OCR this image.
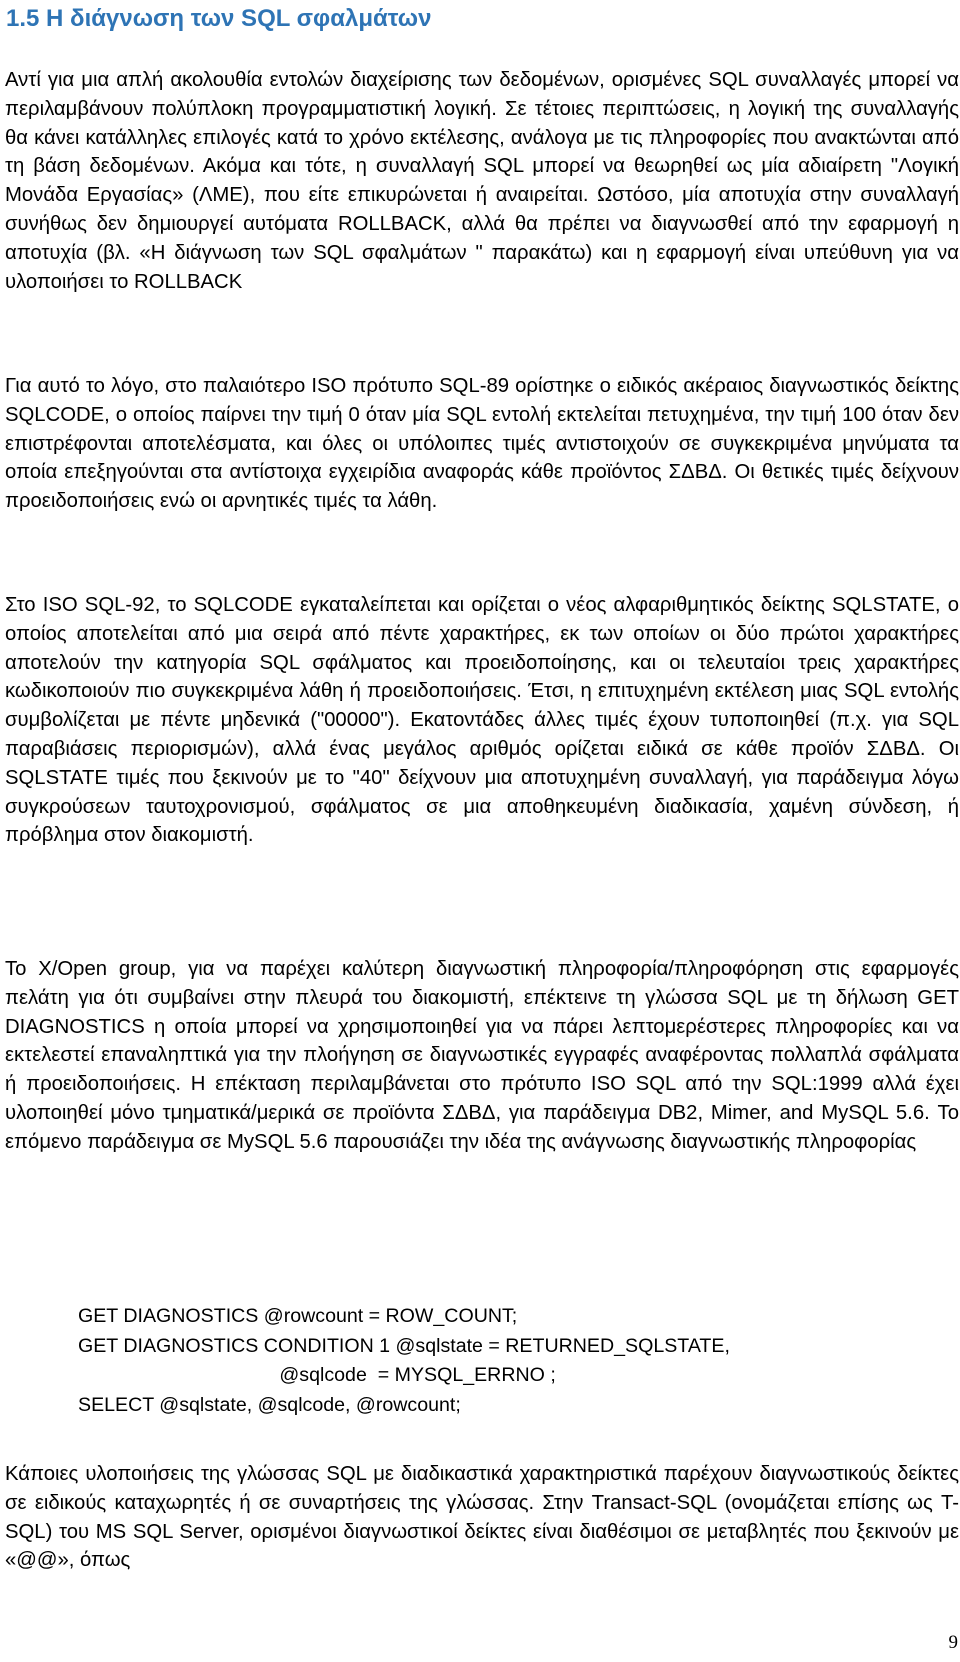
1.5 Η διάγνωση των SQL σφαλμάτων

Αντί για μια απλή ακολουθία εντολών διαχείρισης των δεδομένων, ορισμένες SQL συναλλαγές μπορεί να περιλαμβάνουν πολύπλοκη προγραμματιστική λογική. Σε τέτοιες περιπτώσεις, η λογική της συναλλαγής θα κάνει κατάλληλες επιλογές κατά το χρόνο εκτέλεσης, ανάλογα με τις πληροφορίες που ανακτώνται από τη βάση δεδομένων. Ακόμα και τότε, η συναλλαγή SQL μπορεί να θεωρηθεί ως μία αδιαίρετη "Λογική Μονάδα Εργασίας» (ΛΜΕ), που είτε επικυρώνεται ή αναιρείται. Ωστόσο, μία αποτυχία στην συναλλαγή συνήθως δεν δημιουργεί αυτόματα ROLLBACK, αλλά θα πρέπει να διαγνωσθεί από την εφαρμογή η αποτυχία (βλ. «Η διάγνωση των SQL σφαλμάτων " παρακάτω) και η εφαρμογή είναι υπεύθυνη για να υλοποιήσει το ROLLBACK

Για αυτό το λόγο, στο παλαιότερο ISO πρότυπο SQL-89 ορίστηκε ο ειδικός ακέραιος διαγνωστικός δείκτης SQLCODE, ο οποίος παίρνει την τιμή 0 όταν μία SQL εντολή εκτελείται πετυχημένα, την τιμή 100 όταν δεν επιστρέφονται αποτελέσματα, και όλες οι υπόλοιπες τιμές αντιστοιχούν σε συγκεκριμένα μηνύματα τα οποία επεξηγούνται στα αντίστοιχα εγχειρίδια αναφοράς κάθε προϊόντος ΣΔΒΔ. Οι θετικές τιμές δείχνουν προειδοποιήσεις ενώ οι αρνητικές τιμές τα λάθη.

Στο ISO SQL-92, το SQLCODE εγκαταλείπεται και ορίζεται ο νέος αλφαριθμητικός δείκτης SQLSTATE, ο οποίος αποτελείται από μια σειρά από πέντε χαρακτήρες, εκ των οποίων οι δύο πρώτοι χαρακτήρες αποτελούν την κατηγορία SQL σφάλματος και προειδοποίησης, και οι τελευταίοι τρεις χαρακτήρες κωδικοποιούν πιο συγκεκριμένα λάθη ή προειδοποιήσεις. Έτσι, η επιτυχημένη εκτέλεση μιας SQL εντολής συμβολίζεται με πέντε μηδενικά ("00000"). Εκατοντάδες άλλες τιμές έχουν τυποποιηθεί (π.χ. για SQL παραβιάσεις περιορισμών), αλλά ένας μεγάλος αριθμός ορίζεται ειδικά σε κάθε προϊόν ΣΔΒΔ. Οι SQLSTATE τιμές που ξεκινούν με το "40" δείχνουν μια αποτυχημένη συναλλαγή, για παράδειγμα λόγω συγκρούσεων ταυτοχρονισμού, σφάλματος σε μια αποθηκευμένη διαδικασία, χαμένη σύνδεση, ή πρόβλημα στον διακομιστή.

Το X/Open group, για να παρέχει καλύτερη διαγνωστική πληροφορία/πληροφόρηση στις εφαρμογές πελάτη για ότι συμβαίνει στην πλευρά του διακομιστή, επέκτεινε τη γλώσσα SQL με τη δήλωση GET DIAGNOSTICS η οποία μπορεί να χρησιμοποιηθεί για να πάρει λεπτομερέστερες πληροφορίες και να εκτελεστεί επαναληπτικά για την πλοήγηση σε διαγνωστικές εγγραφές αναφέροντας πολλαπλά σφάλματα ή προειδοποιήσεις. Η επέκταση περιλαμβάνεται στο πρότυπο ISO SQL από την SQL:1999 αλλά έχει υλοποιηθεί μόνο τμηματικά/μερικά σε προϊόντα ΣΔΒΔ, για παράδειγμα DB2, Mimer, and MySQL 5.6. Το επόμενο παράδειγμα σε MySQL 5.6 παρουσιάζει την ιδέα της ανάγνωσης διαγνωστικής πληροφορίας

GET DIAGNOSTICS @rowcount = ROW_COUNT;
GET DIAGNOSTICS CONDITION 1 @sqlstate = RETURNED_SQLSTATE,
@sqlcode  = MYSQL_ERRNO ;
SELECT @sqlstate, @sqlcode, @rowcount;

Κάποιες υλοποιήσεις της γλώσσας SQL με διαδικαστικά χαρακτηριστικά παρέχουν διαγνωστικούς δείκτες σε ειδικούς καταχωρητές ή σε συναρτήσεις της γλώσσας. Στην Transact-SQL (ονομάζεται επίσης ως T-SQL) του MS SQL Server, ορισμένοι διαγνωστικοί δείκτες είναι διαθέσιμοι σε μεταβλητές που ξεκινούν με «@@», όπως

9
